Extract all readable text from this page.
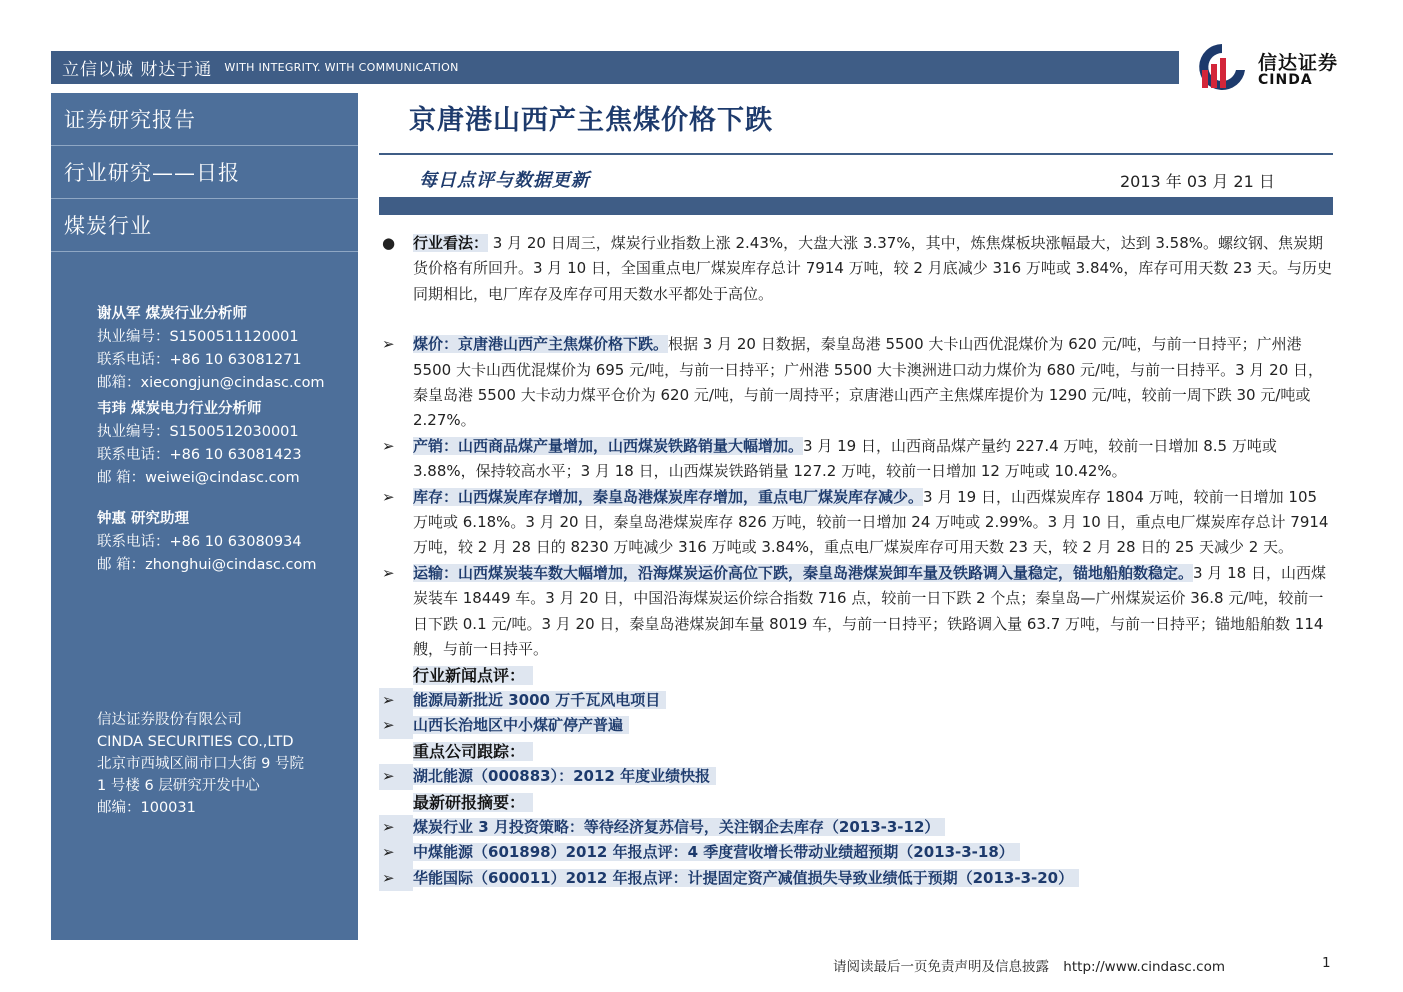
立信以诚 财达于通 WITH INTEGRITY. WITH COMMUNICATION	信达证券
CINDA
证券研究报告
行业研究——日报
煤炭行业
谢从军 煤炭行业分析师
执业编号：S1500511120001
联系电话：+86 10 63081271
邮箱：xiecongjun@cindasc.com
韦玮 煤炭电力行业分析师
执业编号：S1500512030001
联系电话：+86 10 63081423
邮 箱：weiwei@cindasc.com
钟惠 研究助理
联系电话：+86 10 63080934
邮 箱：zhonghui@cindasc.com
信达证券股份有限公司
CINDA SECURITIES CO.,LTD
北京市西城区闹市口大街 9 号院
1 号楼 6 层研究开发中心
邮编：100031
京唐港山西产主焦煤价格下跌
每日点评与数据更新	2013 年 03 月 21 日
●	行业看法： 3 月 20 日周三，煤炭行业指数上涨 2.43%，大盘大涨 3.37%，其中，炼焦煤板块涨幅最大，达到 3.58%。螺纹钢、焦炭期货价格有所回升。3 月 10 日，全国重点电厂煤炭库存总计 7914 万吨，较 2 月底减少 316 万吨或 3.84%，库存可用天数 23 天。与历史同期相比，电厂库存及库存可用天数水平都处于高位。
➢	煤价：京唐港山西产主焦煤价格下跌。根据 3 月 20 日数据，秦皇岛港 5500 大卡山西优混煤价为 620 元/吨，与前一日持平；广州港 5500 大卡山西优混煤价为 695 元/吨，与前一日持平；广州港 5500 大卡澳洲进口动力煤价为 680 元/吨，与前一日持平。3 月 20 日，秦皇岛港 5500 大卡动力煤平仓价为 620 元/吨，与前一周持平；京唐港山西产主焦煤库提价为 1290 元/吨，较前一周下跌 30 元/吨或 2.27%。
➢	产销：山西商品煤产量增加，山西煤炭铁路销量大幅增加。3 月 19 日，山西商品煤产量约 227.4 万吨，较前一日增加 8.5 万吨或 3.88%，保持较高水平；3 月 18 日，山西煤炭铁路销量 127.2 万吨，较前一日增加 12 万吨或 10.42%。
➢	库存：山西煤炭库存增加，秦皇岛港煤炭库存增加，重点电厂煤炭库存减少。3 月 19 日，山西煤炭库存 1804 万吨，较前一日增加 105 万吨或 6.18%。3 月 20 日，秦皇岛港煤炭库存 826 万吨，较前一日增加 24 万吨或 2.99%。3 月 10 日，重点电厂煤炭库存总计 7914 万吨，较 2 月 28 日的 8230 万吨减少 316 万吨或 3.84%，重点电厂煤炭库存可用天数 23 天，较 2 月 28 日的 25 天减少 2 天。
➢	运输：山西煤炭装车数大幅增加，沿海煤炭运价高位下跌，秦皇岛港煤炭卸车量及铁路调入量稳定，锚地船舶数稳定。3 月 18 日，山西煤炭装车 18449 车。3 月 20 日，中国沿海煤炭运价综合指数 716 点，较前一日下跌 2 个点；秦皇岛—广州煤炭运价 36.8 元/吨，较前一日下跌 0.1 元/吨。3 月 20 日，秦皇岛港煤炭卸车量 8019 车，与前一日持平；铁路调入量 63.7 万吨，与前一日持平；锚地船舶数 114 艘，与前一日持平。
行业新闻点评：
➢	能源局新批近 3000 万千瓦风电项目
➢	山西长治地区中小煤矿停产普遍
重点公司跟踪：
➢	湖北能源（000883）：2012 年度业绩快报
最新研报摘要：
➢	煤炭行业 3 月投资策略：等待经济复苏信号，关注钢企去库存（2013-3-12）
➢	中煤能源（601898）2012 年报点评：4 季度营收增长带动业绩超预期（2013-3-18）
➢	华能国际（600011）2012 年报点评：计提固定资产减值损失导致业绩低于预期（2013-3-20）
请阅读最后一页免责声明及信息披露 http://www.cindasc.com	1
